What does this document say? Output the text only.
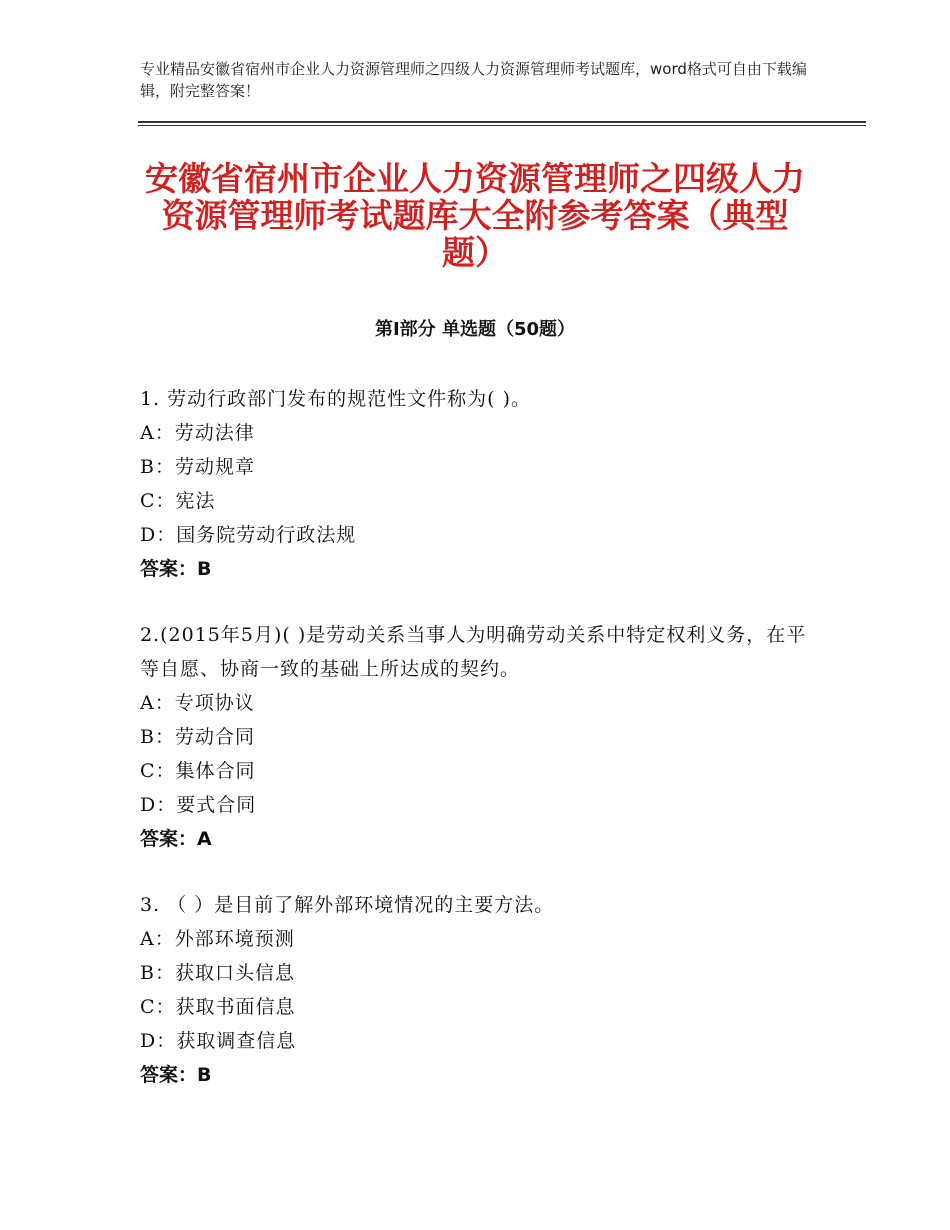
专业精品安徽省宿州市企业人力资源管理师之四级人力资源管理师考试题库，word格式可自由下载编辑，附完整答案！
安徽省宿州市企业人力资源管理师之四级人力资源管理师考试题库大全附参考答案（典型题）
第Ⅰ部分 单选题（50题）

1. 劳动行政部门发布的规范性文件称为( )。

A：劳动法律

B：劳动规章

C：宪法

D：国务院劳动行政法规

答案：B

2.(2015年5月)( )是劳动关系当事人为明确劳动关系中特定权利义务，在平等自愿、协商一致的基础上所达成的契约。

A：专项协议

B：劳动合同

C：集体合同

D：要式合同

答案：A

3. （ ）是目前了解外部环境情况的主要方法。

A：外部环境预测

B：获取口头信息

C：获取书面信息

D：获取调查信息

答案：B
